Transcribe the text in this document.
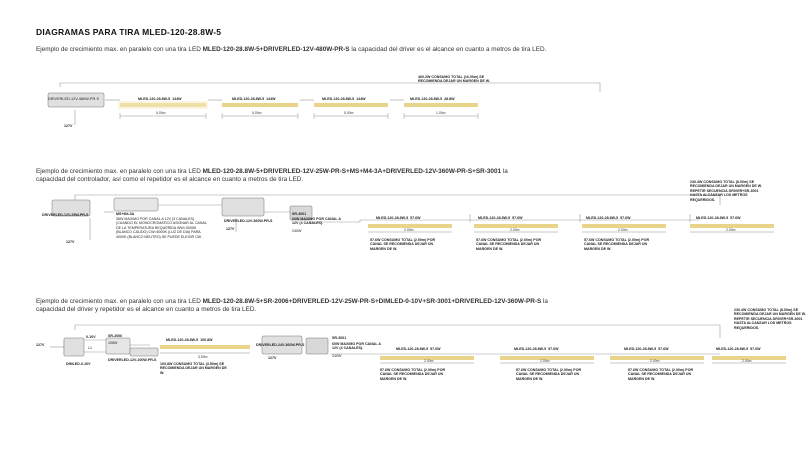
DIAGRAMAS PARA TIRA MLED-120-28.8W-5
Ejemplo de crecimiento max. en paralelo con una tira LED MLED-120-28.8W-5+DRIVERLED-12V-480W-PR-S la capacidad del driver es el alcance en cuanto a metros de tira LED.
DRIVERLED-12V-480W-PR-S
127V
460.2W CONSUMO TOTAL (16.00m) SE RECOMIENDA DEJAR UN MARGEN DE W.
MLED-120-28.8W-5 144W	MLED-120-28.8W-5 144W	MLED-120-28.8W-5 144W	MLED-120-28.8W-5 28.8W
5.00m	5.00m	5.00m	1.00m
Ejemplo de crecimiento max. en paralelo con una tira LED MLED-120-28.8W-5+DRIVERLED-12V-25W-PR-S+MS+M4-3A+DRIVERLED-12V-360W-PR-S+SR-3001 la capacidad del controlador, así como el repetidor es el alcance en cuanto a metros de tira LED.
DRIVERLED-12V-25W-PR-S
127V
MS+M4-3A
36W MAXIMO POR CANAL A 12V (3 CANALES). (CUANDO EL MONOCROMATICO ASIGNAR AL CANAL DE LA TEMPERATURA REQUERIDA WW=3000K (BLANCO CALIDO) CW=6000K (LUZ DE DIA) PARA 4000K (BLANCO NEUTRO) SE PUEDE ELEGIR CW.
DRIVERLED-12V-360W-PR-S
127V
SR-3001
60W MAXIMO POR CANAL A 12V (4 CANALES).
240W
MLED-120-28.8W-5 57.6W	MLED-120-28.8W-5 57.6W	MLED-120-28.8W-5 57.6W	MLED-120-28.8W-5 57.6W
2.00m	2.00m	2.00m	2.00m
57.6W CONSUMO TOTAL (2.00m) POR CANAL SE RECOMIENDA DEJAR UN MARGEN DE W.
57.6W CONSUMO TOTAL (2.00m) POR CANAL SE RECOMIENDA DEJAR UN MARGEN DE W.
57.6W CONSUMO TOTAL (2.00m) POR CANAL SE RECOMIENDA DEJAR UN MARGEN DE W.
230.4W CONSUMO TOTAL (8.00m) SE RECOMIENDA DEJAR UN MARGEN DE W. REPETIR SECUENCIA DRIVER+SR-3001 HASTA ALCANZAR LOS METROS REQUERIDOS.
Ejemplo de crecimiento max. en paralelo con una tira LED MLED-120-28.8W-5+SR-2006+DRIVERLED-12V-25W-PR-S+DIMLED-0-10V+SR-3001+DRIVERLED-12V-360W-PR-S la capacidad del driver y repetidor es el alcance en cuanto a metros de tira LED.
127V
0-10V
L1
DIMLED-0-10V
SR-2006
108W
DRIVERLED-12V-100W-PR-S
MLED-120-28.8W-5 100.8W
3.50m
100.8W CONSUMO TOTAL (3.50m) SE RECOMIENDA DEJAR UN MARGEN DE W.
DRIVERLED-24V-360W-PR-S
127V
SR-3001
60W MAXIMO POR CANAL A 12V (4 CANALES).
240W
MLED-120-28.8W-5 57.6W	MLED-120-28.8W-5 57.6W	MLED-120-28.8W-5 57.6W	MLED-120-28.8W-5 57.6W
2.00m	2.00m	2.00m	2.00m
57.6W CONSUMO TOTAL (2.00m) POR CANAL SE RECOMIENDA DEJAR UN MARGEN DE W.
57.6W CONSUMO TOTAL (2.00m) POR CANAL SE RECOMIENDA DEJAR UN MARGEN DE W.
57.6W CONSUMO TOTAL (2.00m) POR CANAL SE RECOMIENDA DEJAR UN MARGEN DE W.
230.4W CONSUMO TOTAL (8.00m) SE RECOMIENDA DEJAR UN MARGEN DE W. REPETIR SECUENCIA DRIVER+SR-3001 HASTA ALCANZAR LOS METROS REQUERIDOS.
